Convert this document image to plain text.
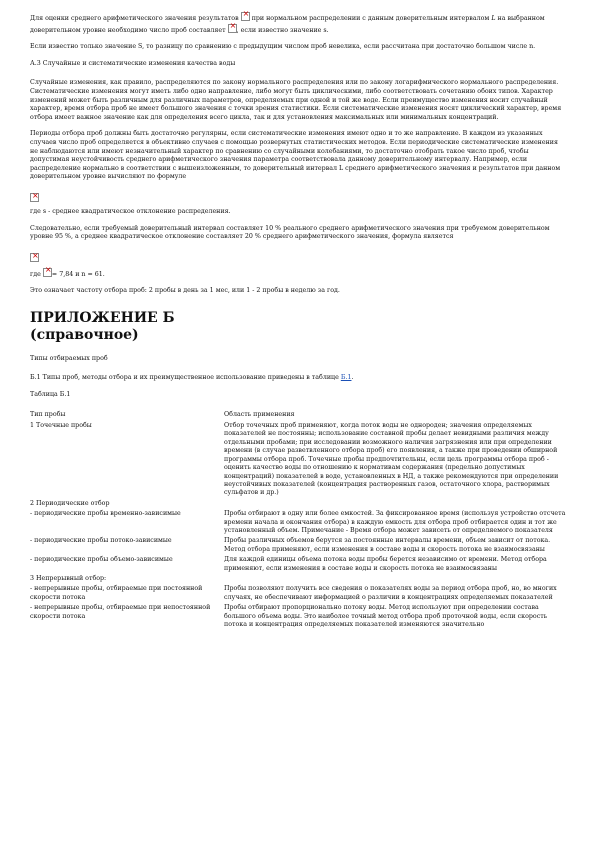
Для оценки среднего арифметического значения результатов × при нормальном распределении с данным доверительным интервалом L на выбранном доверительном уровне необходимо число проб составляет × , если известно значение s.

Если известно только значение S, то разницу по сравнению с предыдущим числом проб невелика, если рассчитана при достаточно большом числе n.

А.3 Случайные и систематические изменения качества воды

Случайные изменения, как правило, распределяются по закону нормального распределения или по закону логарифмического нормального распределения. Систематические изменения могут иметь либо одно направление, либо могут быть циклическими, либо соответствовать сочетанию обоих типов. Характер изменений может быть различным для различных параметров, определяемых при одной и той же воде. Если преимущество изменения носит случайный характер, время отбора проб не имеет большого значения с точки зрения статистики. Если систематические изменения носят циклический характер, время отбора имеет важное значение как для определения всего цикла, так и для установления максимальных или минимальных концентраций.

Периоды отбора проб должны быть достаточно регулярны, если систематические изменения имеют одно и то же направление. В каждом из указанных случаев число проб определяется в объективно случаев с помощью розвернутых статистических методов. Если периодические систематические изменения не наблюдаются или имеют незначительный характер по сравнению со случайными колебаниями, то достаточно отобрать такое число проб, чтобы допустимая неустойчивость среднего арифметического значения параметра соответствовала данному доверительному интервалу. Например, если распределение нормально в соответствии с вышеизложенным, то доверительный интервал L среднего арифметического значения и результатов при данном доверительном уровне вычисляют по формуле

×

где s - среднее квадратическое отклонение распределения.

Следовательно, если требуемый доверительный интервал составляет 10 % реального среднего арифметического значения при требуемом доверительном уровне 95 %, а среднее квадратическое отклонение составляет 20 % среднего арифметического значения, формула является

×

где × = 7,84 и n = 61.

Это означает частоту отбора проб: 2 пробы в день за 1 мес, или 1 - 2 пробы в неделю за год.

ПРИЛОЖЕНИЕ Б
(справочное)

Типы отбираемых проб

Б.1 Типы проб, методы отбора и их преимущественное использование приведены в таблице Б.1.

Таблица Б.1

Тип пробы	Область применения
1 Точечные пробы	Отбор точечных проб применяют, когда поток воды не однороден; значения определяемых показателей не постоянны; использование составной пробы делает невидными различия между отдельными пробами; при исследовании возможного наличия загрязнения или при определении времени (в случае разветвленного отбора проб) его появления, а также при проведении обширной программы отбора проб. Точечные пробы предпочтительны, если цель программы отбора проб - оценить качество воды по отношению к нормативам содержания (предельно допустимых концентраций) показателей в воде, установленных в НД, а также рекомендуются при определении неустойчивых показателей (концентрация растворенных газов, остаточного хлора, растворимых сульфатов и др.)
2 Периодические отбор	
- периодические пробы временно-зависимые	Пробы отбирают в одну или более емкостей. За фиксированное время (используя устройство отсчета времени начала и окончания отбора) в каждую емкость для отбора проб отбирается один и тот же установленный объем. Примечание - Время отбора может зависеть от определяемого показателя
- периодические пробы потоко-зависимые	Пробы различных объемов берутся за постоянные интервалы времени, объем зависит от потока. Метод отбора применяют, если изменения в составе воды и скорость потока не взаимосвязаны
- периодические пробы объемо-зависимые	Для каждой единицы объема потока воды пробы берется независимо от времени. Метод отбора применяют, если изменения в составе воды и скорость потока не взаимосвязаны
3 Непрерывный отбор:	
- непрерывные пробы, отбираемые при постоянной скорости потока	Пробы позволяют получить все сведения о показателях воды за период отбора проб, но, во многих случаях, не обеспечивают информацией о различии в концентрациях определяемых показателей
- непрерывные пробы, отбираемые при непостоянной скорости потока	Пробы отбирают пропорционально потоку воды. Метод используют при определении состава большого объема воды. Это наиболее точный метод отбора проб проточной воды, если скорость потока и концентрация определяемых показателей изменяются значительно
